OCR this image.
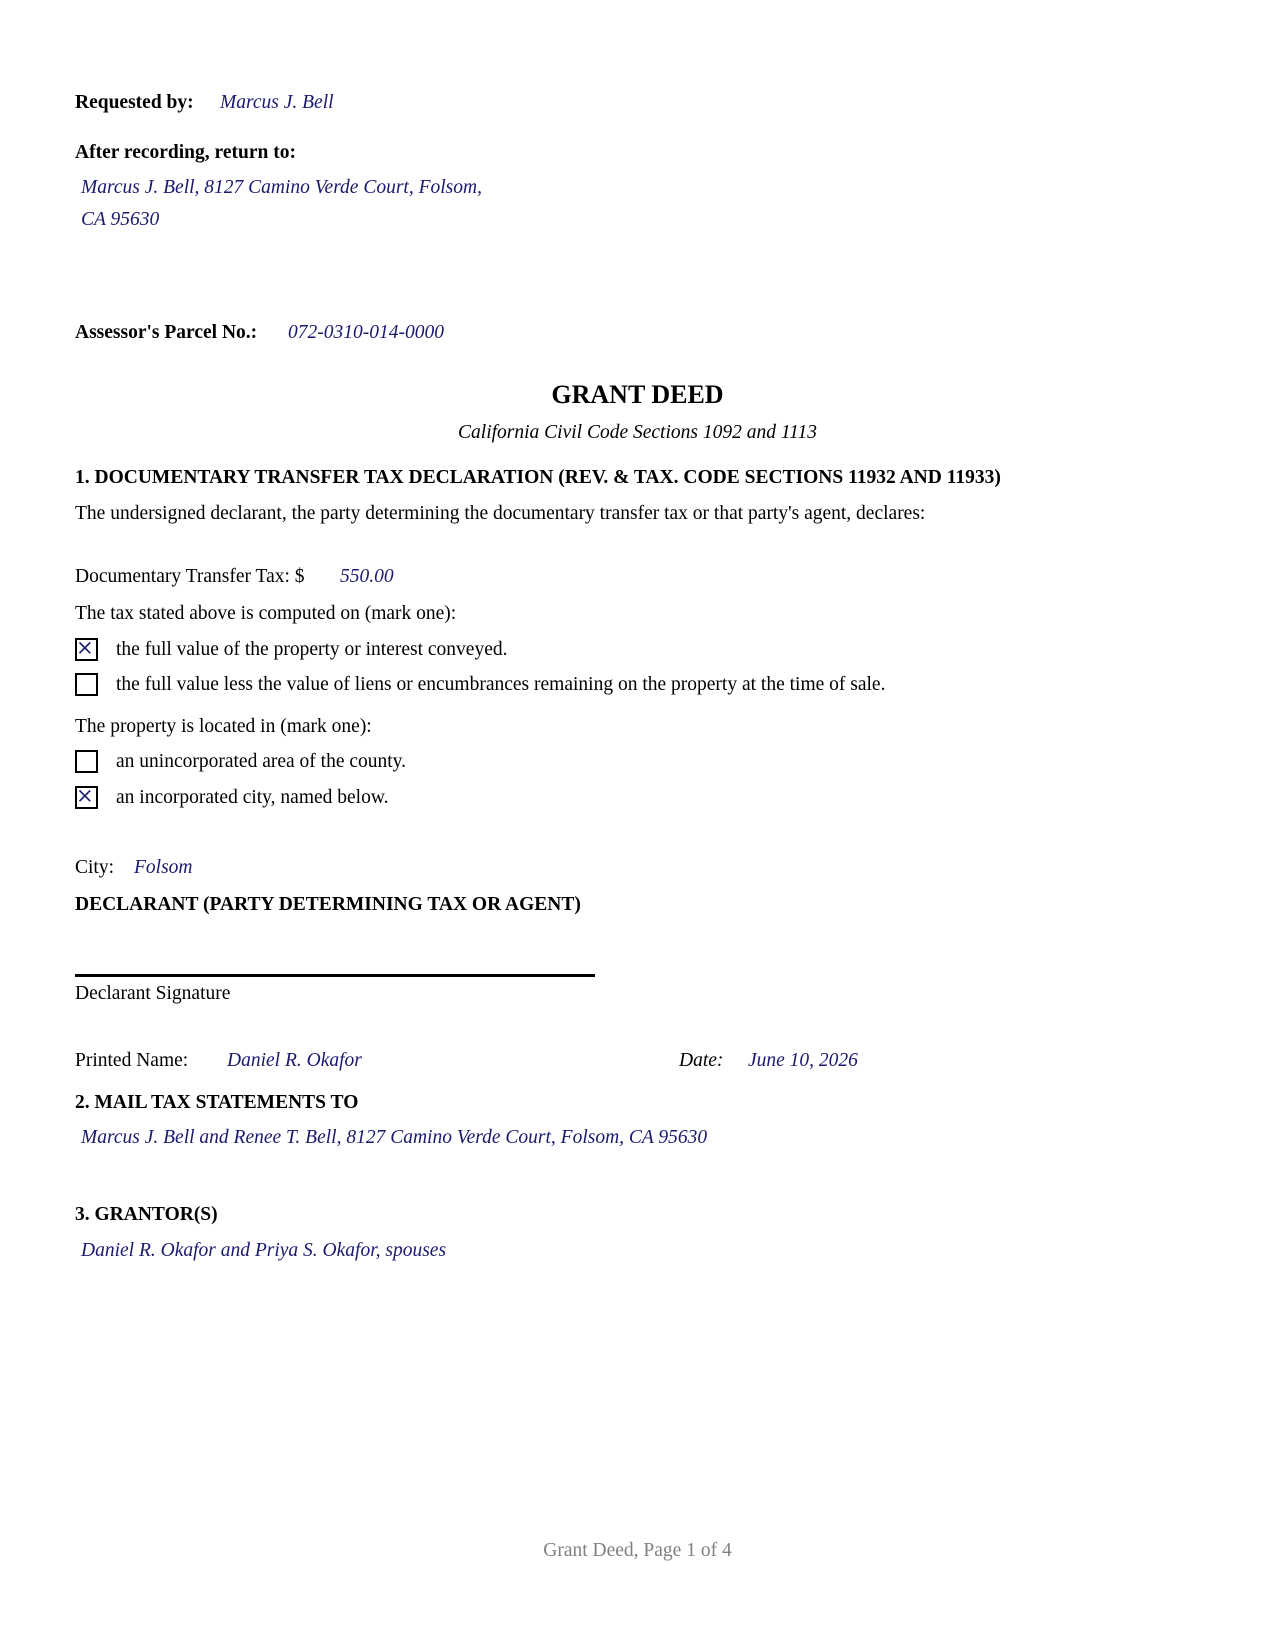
Requested by: Marcus J. Bell
After recording, return to:
Marcus J. Bell, 8127 Camino Verde Court, Folsom,
CA 95630
Assessor's Parcel No.: 072-0310-014-0000
GRANT DEED
California Civil Code Sections 1092 and 1113
1. DOCUMENTARY TRANSFER TAX DECLARATION (REV. & TAX. CODE SECTIONS 11932 AND 11933)
The undersigned declarant, the party determining the documentary transfer tax or that party's agent, declares:
Documentary Transfer Tax: $ 550.00
The tax stated above is computed on (mark one):
the full value of the property or interest conveyed.
the full value less the value of liens or encumbrances remaining on the property at the time of sale.
The property is located in (mark one):
an unincorporated area of the county.
an incorporated city, named below.
City: Folsom
DECLARANT (PARTY DETERMINING TAX OR AGENT)
Declarant Signature
Printed Name: Daniel R. Okafor	Date: June 10, 2026
2. MAIL TAX STATEMENTS TO
Marcus J. Bell and Renee T. Bell, 8127 Camino Verde Court, Folsom, CA 95630
3. GRANTOR(S)
Daniel R. Okafor and Priya S. Okafor, spouses
Grant Deed, Page 1 of 4
